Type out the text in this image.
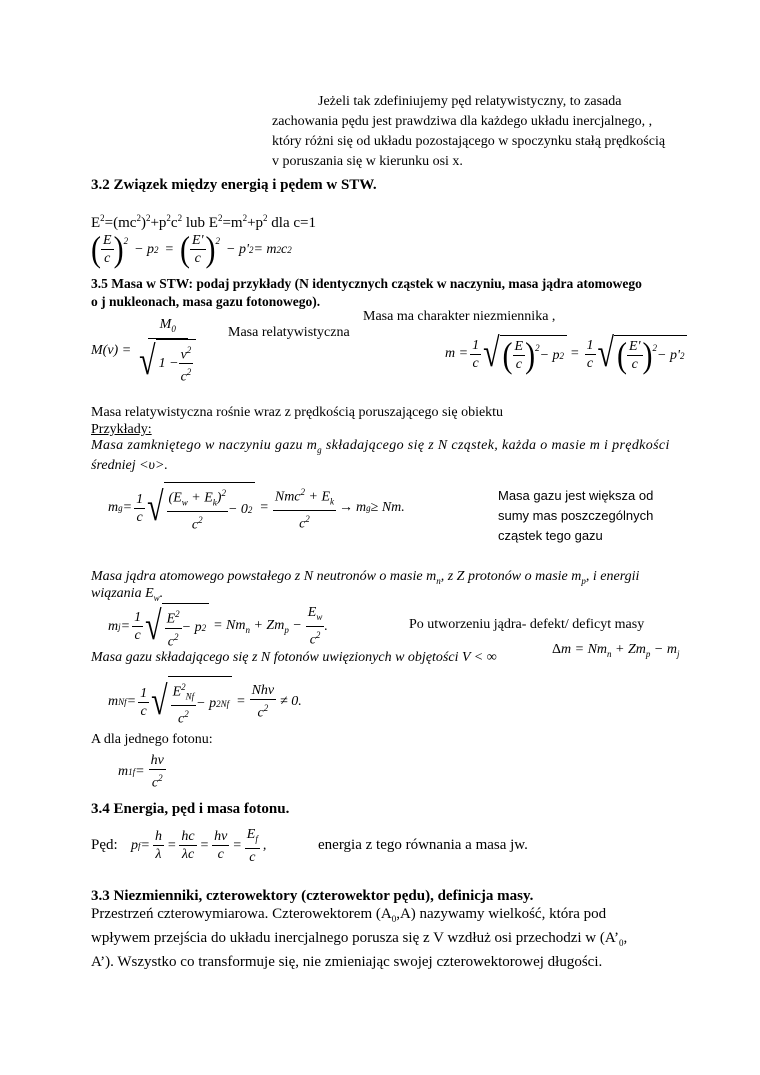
Jeżeli tak zdefiniujemy pęd relatywistyczny, to zasada
zachowania pędu jest prawdziwa dla każdego układu inercjalnego, ,
który różni się od układu pozostającego w spoczynku stałą prędkością
v poruszania się w kierunku osi x.
3.2 Związek między energią i pędem w STW.
$E^2=(mc^2)^2+p^2c^2$ lub $E^2=m^2+p^2$ dla c=1
( $\frac{E}{c} )^2$
− $p_2$ = ( $\frac{E'}{c} )^2$
− $p'_2 = m$ 2 c 2
3.5 Masa w STW: podaj przykłady (N identycznych cząstek w naczyniu, masa jądra atomowego
o j nukleonach, masa gazu fotonowego).
Masa ma charakter niezmiennika ,
$M(v) = \frac{M_0}{√ 1 - \frac{v^2}{c^2}}$ Masa relatywistyczna
$m = \frac{1}{c}$ √ ( $\frac{E}{c} )^2 - p_2 = \frac{1}{c}$ √ ( $\frac{E'}{c} )^2 - p'_2$
Masa relatywistyczna rośnie wraz z prędkością poruszającego się obiektu
Przykłady:
Masa zamkniętego w naczyniu gazu $m_g$ składającego się z N cząstek, każda o masie m i prędkości
średniej <υ>.
m $g = \frac{1}{c}$ √ $\frac{(E_w + E_k)^2}{c^2} - 0$ $2 = \frac{Nmc^2 + E_k}{c^2} \to m$ g ≥ Nm.
Masa gazu jest większa od
sumy mas poszczególnych
cząstek tego gazu
Masa jądra atomowego powstałego z N neutronów o masie $m_n$, z Z protonów o masie $m_p$, i energii
wiązania $E_w$.
m $j = \frac{1}{c}$ √ $\frac{E^2}{c^2} - p$ $2 = Nm_n + Zm_p - \frac{E_w}{c^2}$ .	Po utworzeniu jądra- defekt/ deficyt masy
$\Delta m = Nm_n + Zm_p - m_j$
Masa gazu składającego się z N fotonów uwięzionych w objętości V < ∞
m $Nf = \frac{1}{c}$ √ $\frac{E^2_{Nf}}{c^2} - p$ 2 $Nf = \frac{\text{Nhν}}{c^2} \ne 0$.
A dla jednego fotonu:
m $1f = \frac{h\nu}{c^2}$
3.4 Energia, pęd i masa fotonu.
Pęd: p $f = \frac{h}{\lambda} = \frac{hc}{\lambda c} = \frac{h\nu}{c} = \frac{E_f}{c}$ ,	energia z tego równania a masa jw.
3.3 Niezmienniki, czterowektory (czterowektor pędu), definicja masy.
Przestrzeń czterowymiarowa. Czterowektorem $(A_0,A)$ nazywamy wielkość, która pod
wpływem przejścia do układu inercjalnego porusza się z V wzdłuż osi przechodzi w ($A’_0$,
A’). Wszystko co transformuje się, nie zmieniając swojej czterowektorowej długości.
